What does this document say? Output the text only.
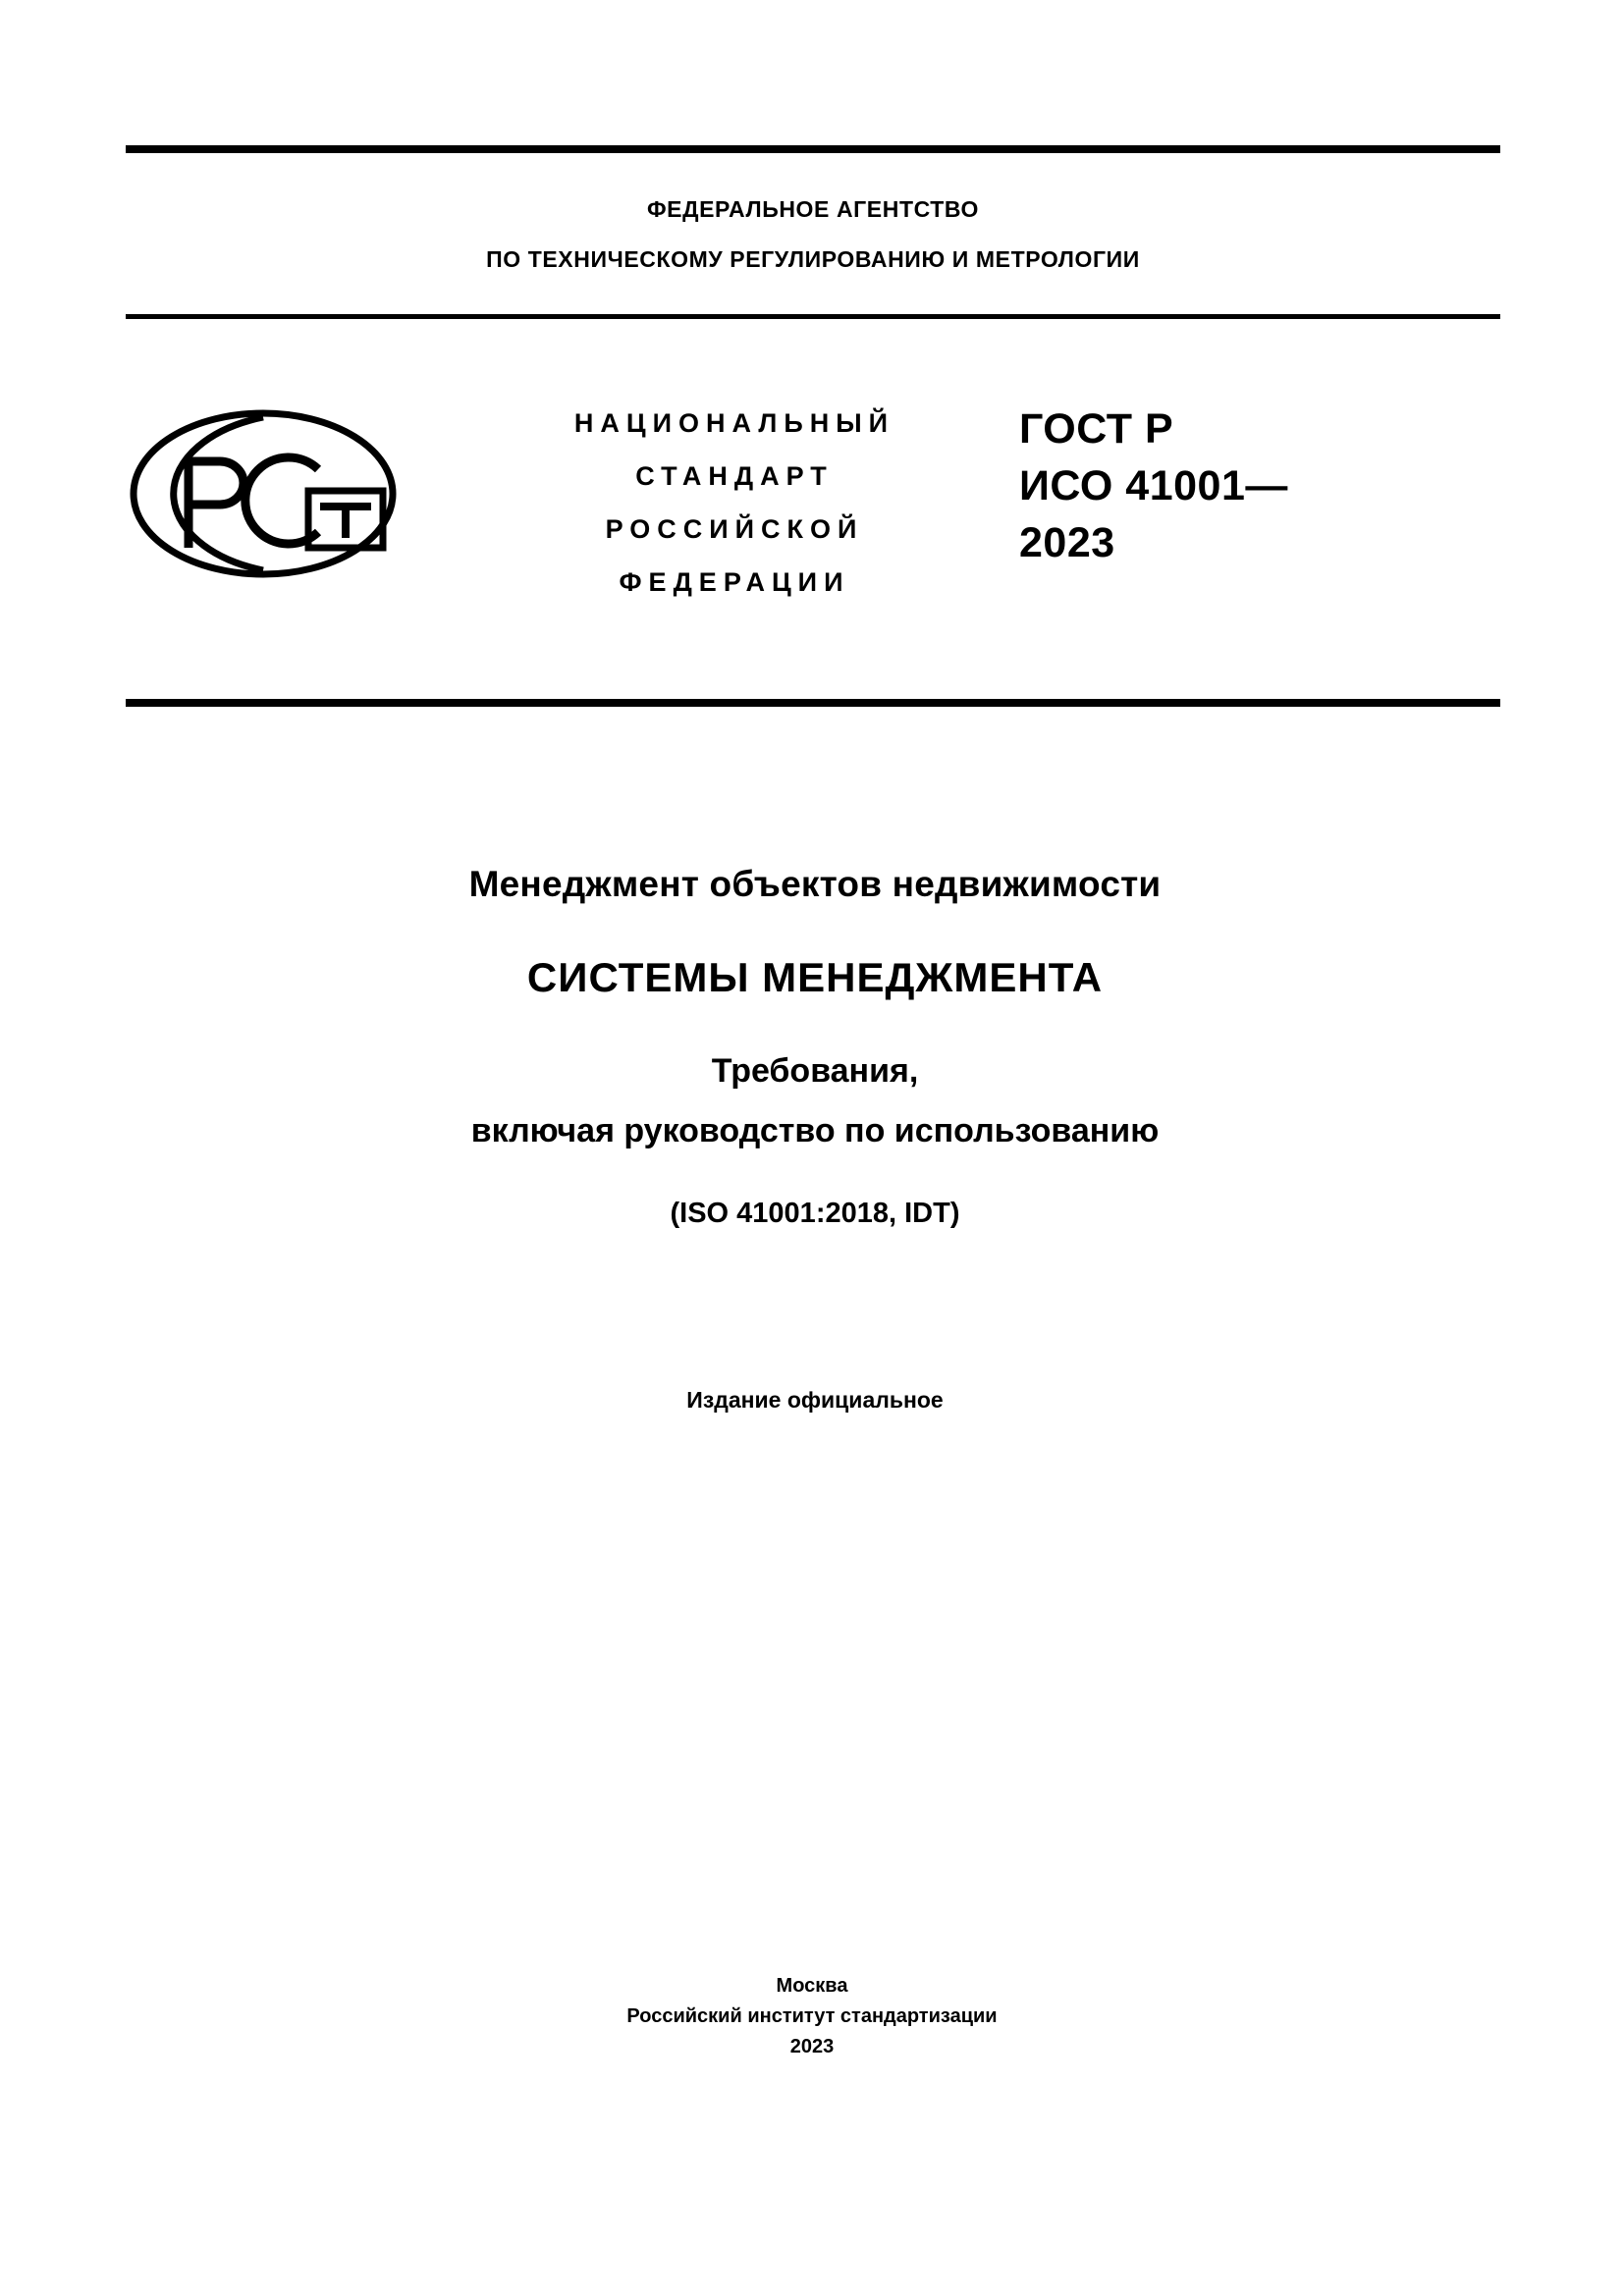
ФЕДЕРАЛЬНОЕ АГЕНТСТВО
ПО ТЕХНИЧЕСКОМУ РЕГУЛИРОВАНИЮ И МЕТРОЛОГИИ
НАЦИОНАЛЬНЫЙ
СТАНДАРТ
РОССИЙСКОЙ
ФЕДЕРАЦИИ
ГОСТ Р
ИСО 41001—
2023
Менеджмент объектов недвижимости
СИСТЕМЫ МЕНЕДЖМЕНТА
Требования,
включая руководство по использованию
(ISO 41001:2018, IDT)
Издание официальное
Москва
Российский институт стандартизации
2023
